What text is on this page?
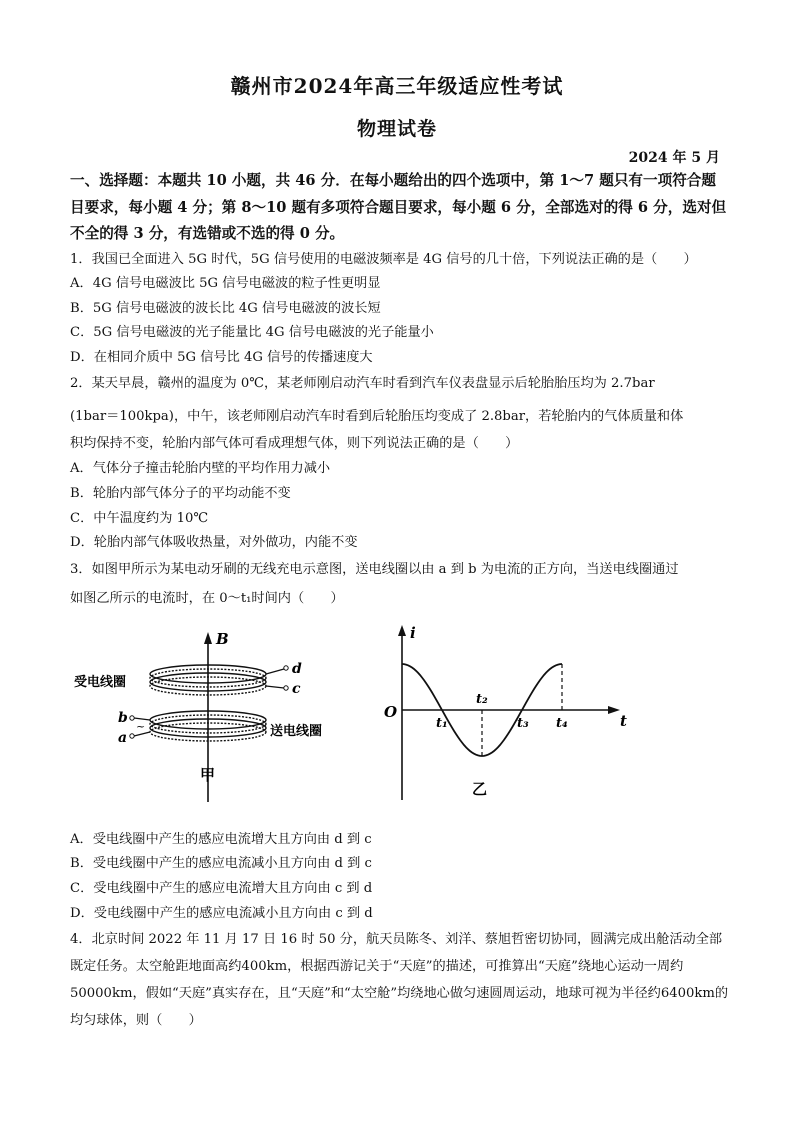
赣州市2024年高三年级适应性考试
物理试卷
2024 年 5 月

一、选择题：本题共 10 小题，共 46 分．在每小题给出的四个选项中，第 1～7 题只有一项符合题目要求，每小题 4 分；第 8～10 题有多项符合题目要求，每小题 6 分，全部选对的得 6 分，选对但不全的得 3 分，有选错或不选的得 0 分。

1．我国已全面进入 5G 时代，5G 信号使用的电磁波频率是 4G 信号的几十倍，下列说法正确的是（　　）

A．4G 信号电磁波比 5G 信号电磁波的粒子性更明显

B．5G 信号电磁波的波长比 4G 信号电磁波的波长短

C．5G 信号电磁波的光子能量比 4G 信号电磁波的光子能量小

D．在相同介质中 5G 信号比 4G 信号的传播速度大

2．某天早晨，赣州的温度为 0℃，某老师刚启动汽车时看到汽车仪表盘显示后轮胎胎压均为 2.7bar

(1bar＝100kpa)，中午，该老师刚启动汽车时看到后轮胎压均变成了 2.8bar，若轮胎内的气体质量和体

积均保持不变，轮胎内部气体可看成理想气体，则下列说法正确的是（　　）

A．气体分子撞击轮胎内壁的平均作用力减小

B．轮胎内部气体分子的平均动能不变

C．中午温度约为 10℃

D．轮胎内部气体吸收热量，对外做功，内能不变

3．如图甲所示为某电动牙刷的无线充电示意图，送电线圈以由 a 到 b 为电流的正方向，当送电线圈通过

如图乙所示的电流时，在 0～t₁时间内（　　）

B
d
c
受电线圈
~
b
a	送电线圈
甲
i
O	t
t₁
t₂
t₃ t₄
乙

A．受电线圈中产生的感应电流增大且方向由 d 到 c

B．受电线圈中产生的感应电流减小且方向由 d 到 c

C．受电线圈中产生的感应电流增大且方向由 c 到 d

D．受电线圈中产生的感应电流减小且方向由 c 到 d

4．北京时间 2022 年 11 月 17 日 16 时 50 分，航天员陈冬、刘洋、蔡旭哲密切协同，圆满完成出舱活动全部既定任务。太空舱距地面高约400km，根据西游记关于“天庭”的描述，可推算出“天庭”绕地心运动一周约50000km，假如“天庭”真实存在，且“天庭”和“太空舱”均绕地心做匀速圆周运动，地球可视为半径约6400km的均匀球体，则（　　）
